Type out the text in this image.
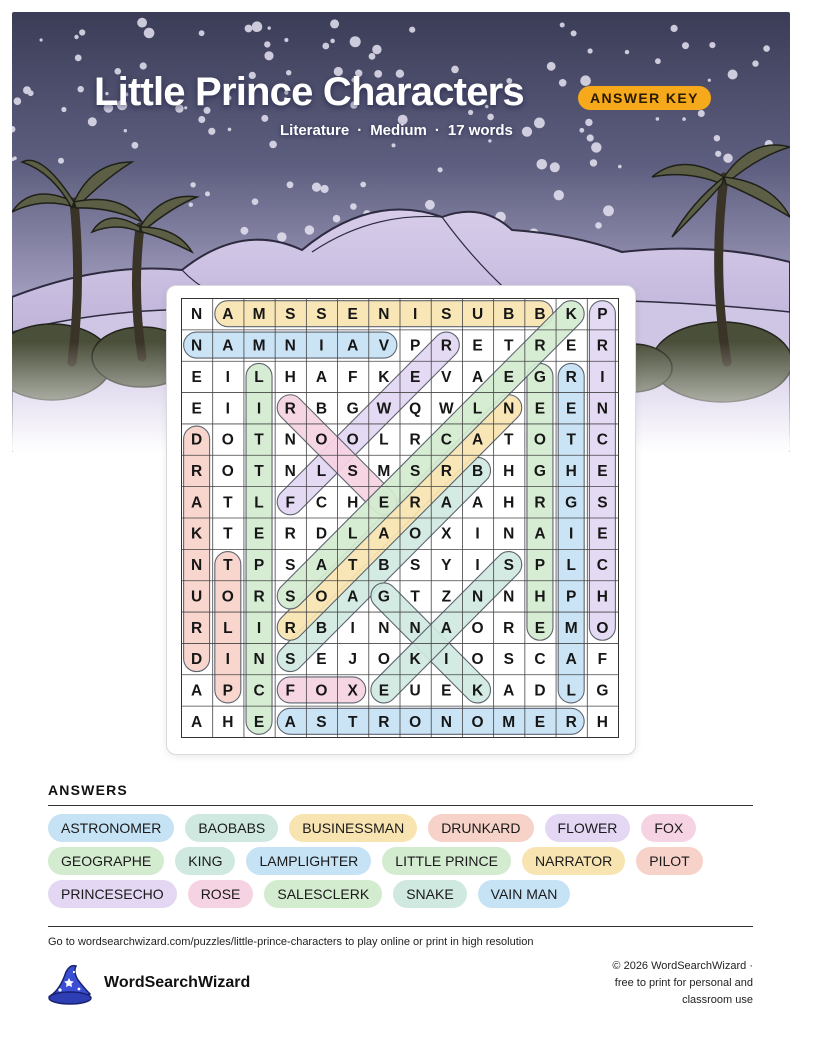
Little Prince Characters	ANSWER KEY
Literature · Medium · 17 words
N A M S S E N I S U B B K P
N A M N I A V P R E T R E R
E I L H A F K E V A E G R I
E I I R B G W Q W L N E E N
D O T N O O L R C A T O T C
R O T N L S M S R B H G H E
A T L F C H E R A A H R G S
K T E R D L A O X I N A I E
N T P S A T B S Y I S P L C
U O R S O A G T Z N N H P H
R L I R B I N N A O R E M O
D I N S E J O K I O S C A F
A P C F O X E U E K A D L G
A H E A S T R O N O M E R H
ANSWERS
ASTRONOMER	BAOBABS	BUSINESSMAN	DRUNKARD	FLOWER	FOX
GEOGRAPHE	KING	LAMPLIGHTER	LITTLE PRINCE	NARRATOR	PILOT
PRINCESECHO	ROSE	SALESCLERK	SNAKE	VAIN MAN
Go to wordsearchwizard.com/puzzles/little-prince-characters to play online or print in high resolution
WordSearchWizard
© 2026 WordSearchWizard ·
free to print for personal and
classroom use
